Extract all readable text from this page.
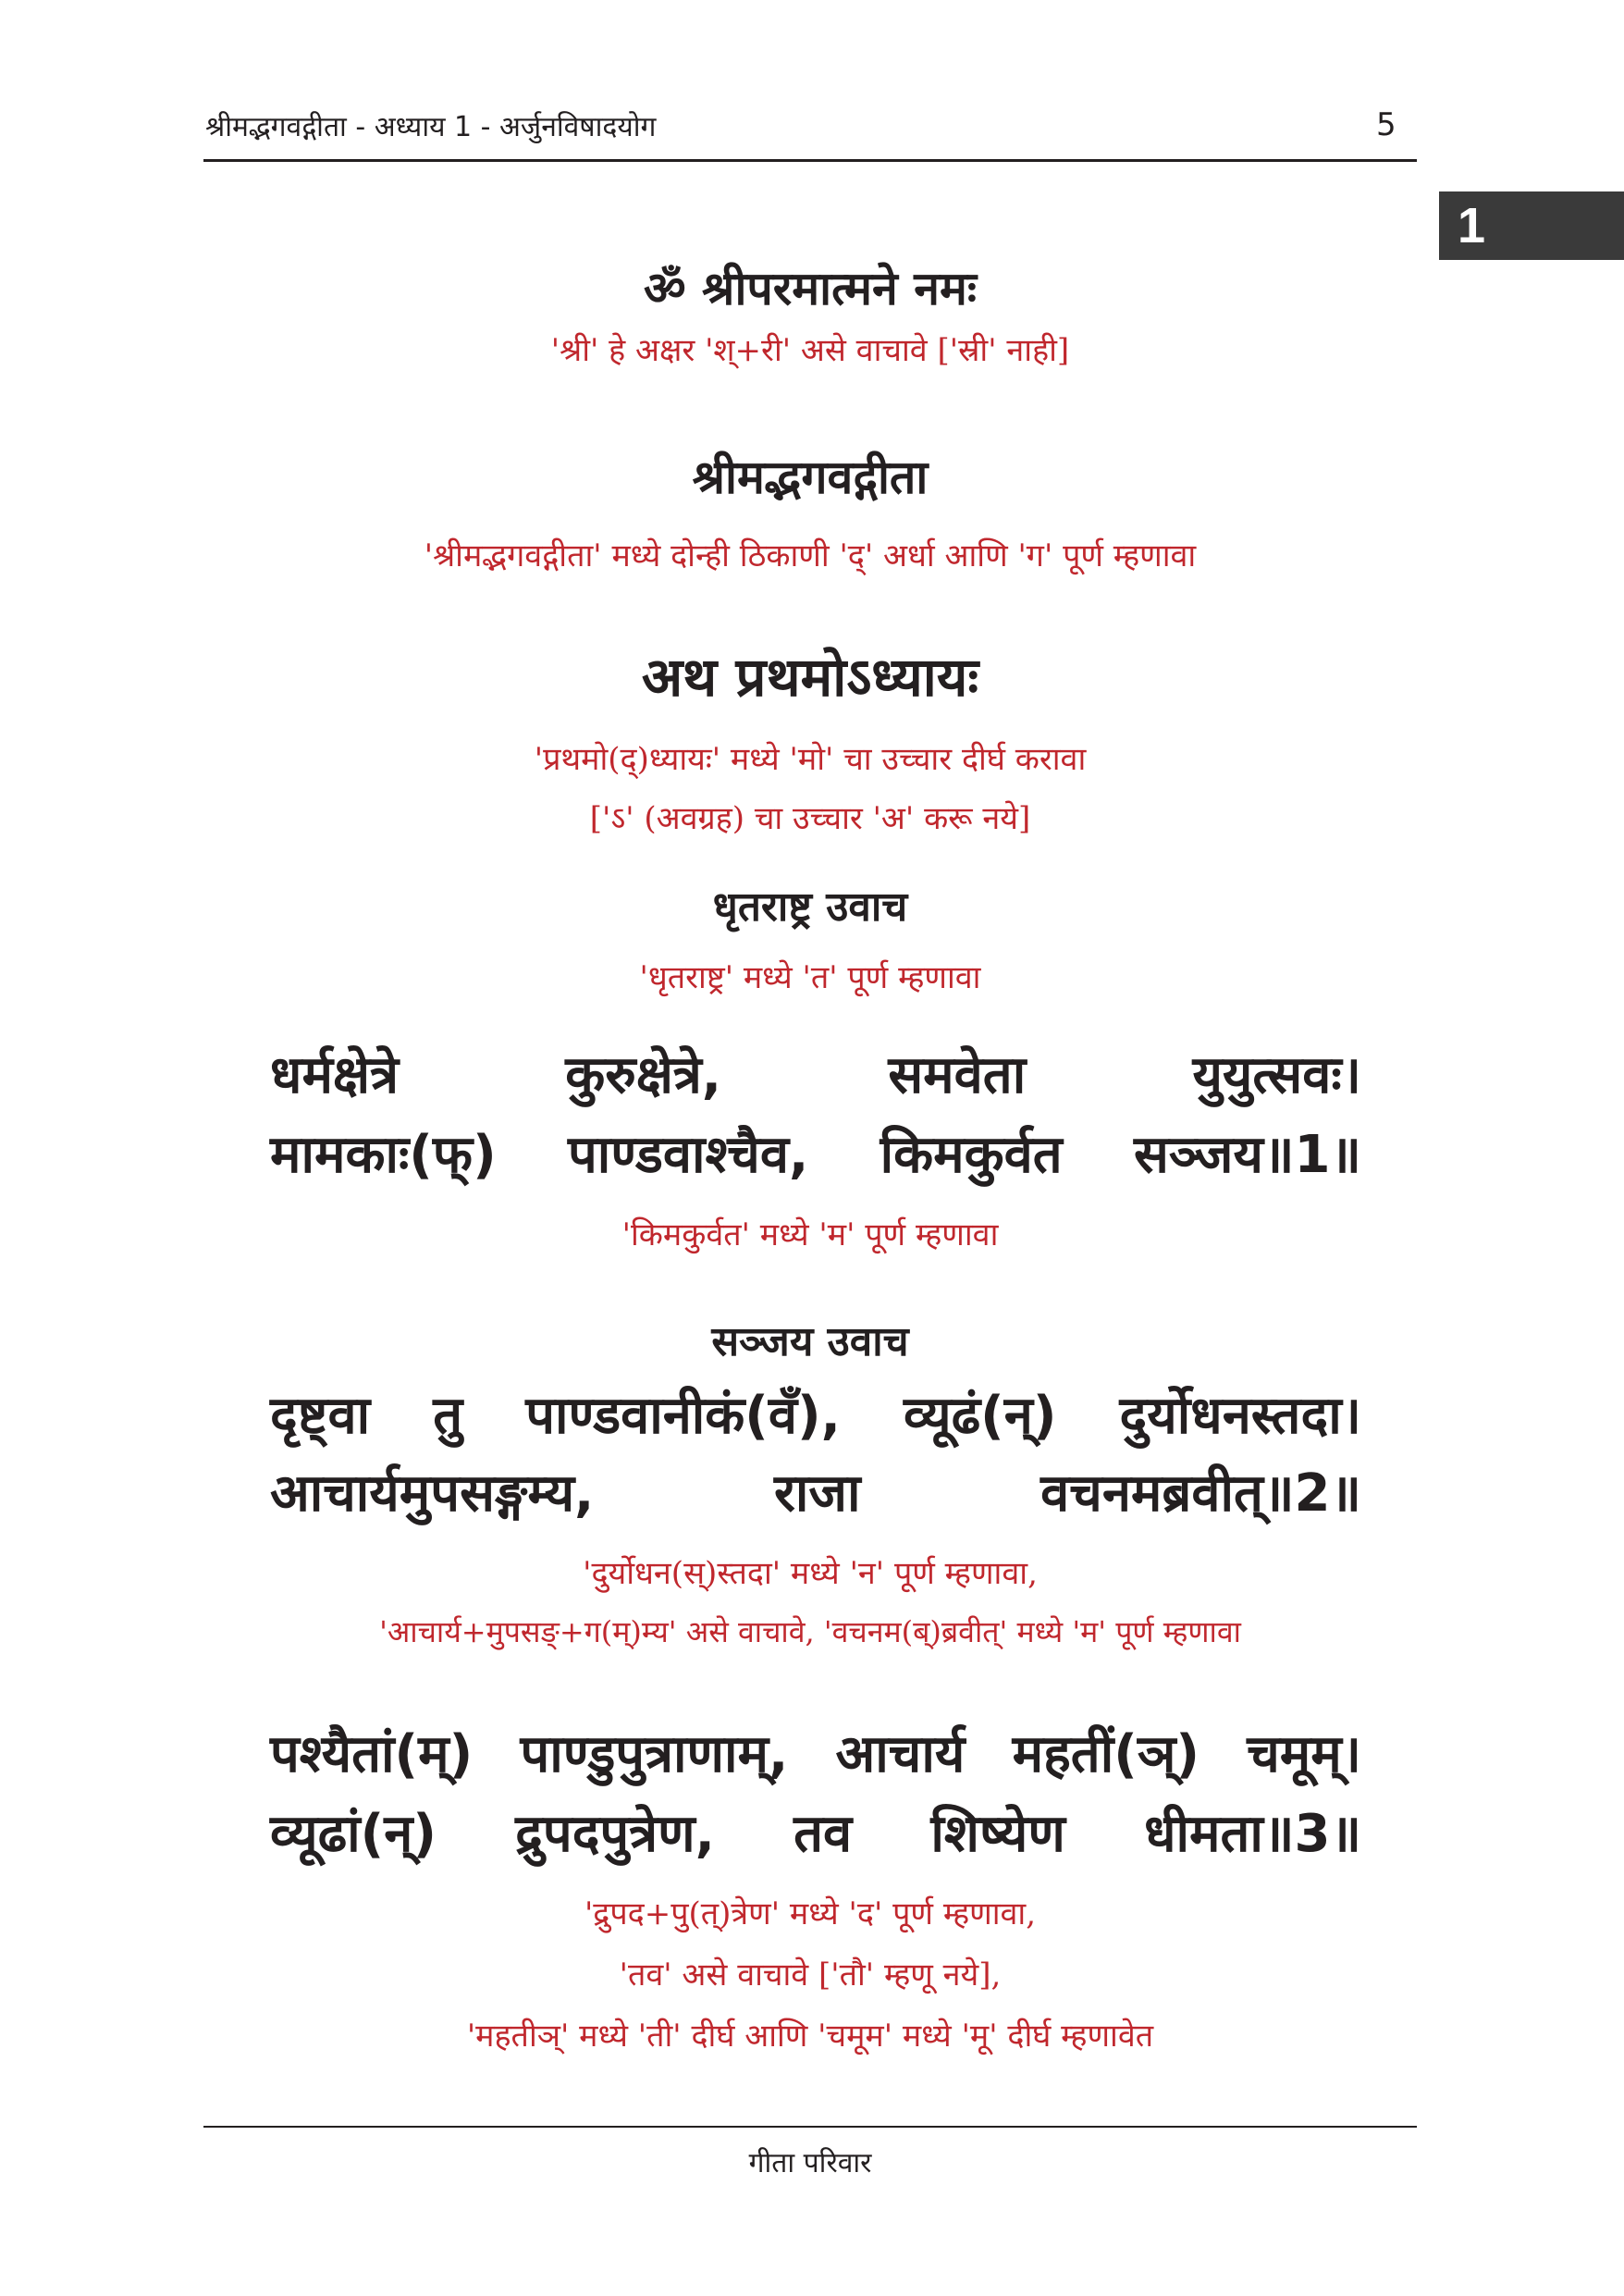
श्रीमद्भगवद्गीता - अध्याय 1 - अर्जुनविषादयोग	5
1
ॐ श्रीपरमात्मने नमः
'श्री' हे अक्षर 'श्+री' असे वाचावे ['स्री' नाही]
श्रीमद्भगवद्गीता
'श्रीमद्भगवद्गीता' मध्ये दोन्ही ठिकाणी 'द्' अर्धा आणि 'ग' पूर्ण म्हणावा
अथ प्रथमोऽध्यायः
'प्रथमो(द्)ध्यायः' मध्ये 'मो' चा उच्चार दीर्घ करावा
['ऽ' (अवग्रह) चा उच्चार 'अ' करू नये]
धृतराष्ट्र उवाच
'धृतराष्ट्र' मध्ये 'त' पूर्ण म्हणावा
धर्मक्षेत्रे	कुरुक्षेत्रे,	समवेता	युयुत्सवः।
मामकाः(फ्) पाण्डवाश्चैव, किमकुर्वत सञ्जय॥1॥
'किमकुर्वत' मध्ये 'म' पूर्ण म्हणावा
सञ्जय उवाच
दृष्ट्वा तु पाण्डवानीकं(वँ), व्यूढं(न्) दुर्योधनस्तदा।
आचार्यमुपसङ्गम्य,	राजा	वचनमब्रवीत्॥2॥
'दुर्योधन(स्)स्तदा' मध्ये 'न' पूर्ण म्हणावा,
'आचार्य+मुपसङ्+ग(म्)म्य' असे वाचावे, 'वचनम(ब्)ब्रवीत्' मध्ये 'म' पूर्ण म्हणावा
पश्यैतां(म्) पाण्डुपुत्राणाम्, आचार्य महतीं(ञ्) चमूम्।
व्यूढां(न्) द्रुपदपुत्रेण, तव शिष्येण धीमता॥3॥
'द्रुपद+पु(त्)त्रेण' मध्ये 'द' पूर्ण म्हणावा,
'तव' असे वाचावे ['तौ' म्हणू नये],
'महतीञ्' मध्ये 'ती' दीर्घ आणि 'चमूम' मध्ये 'मू' दीर्घ म्हणावेत
गीता परिवार
